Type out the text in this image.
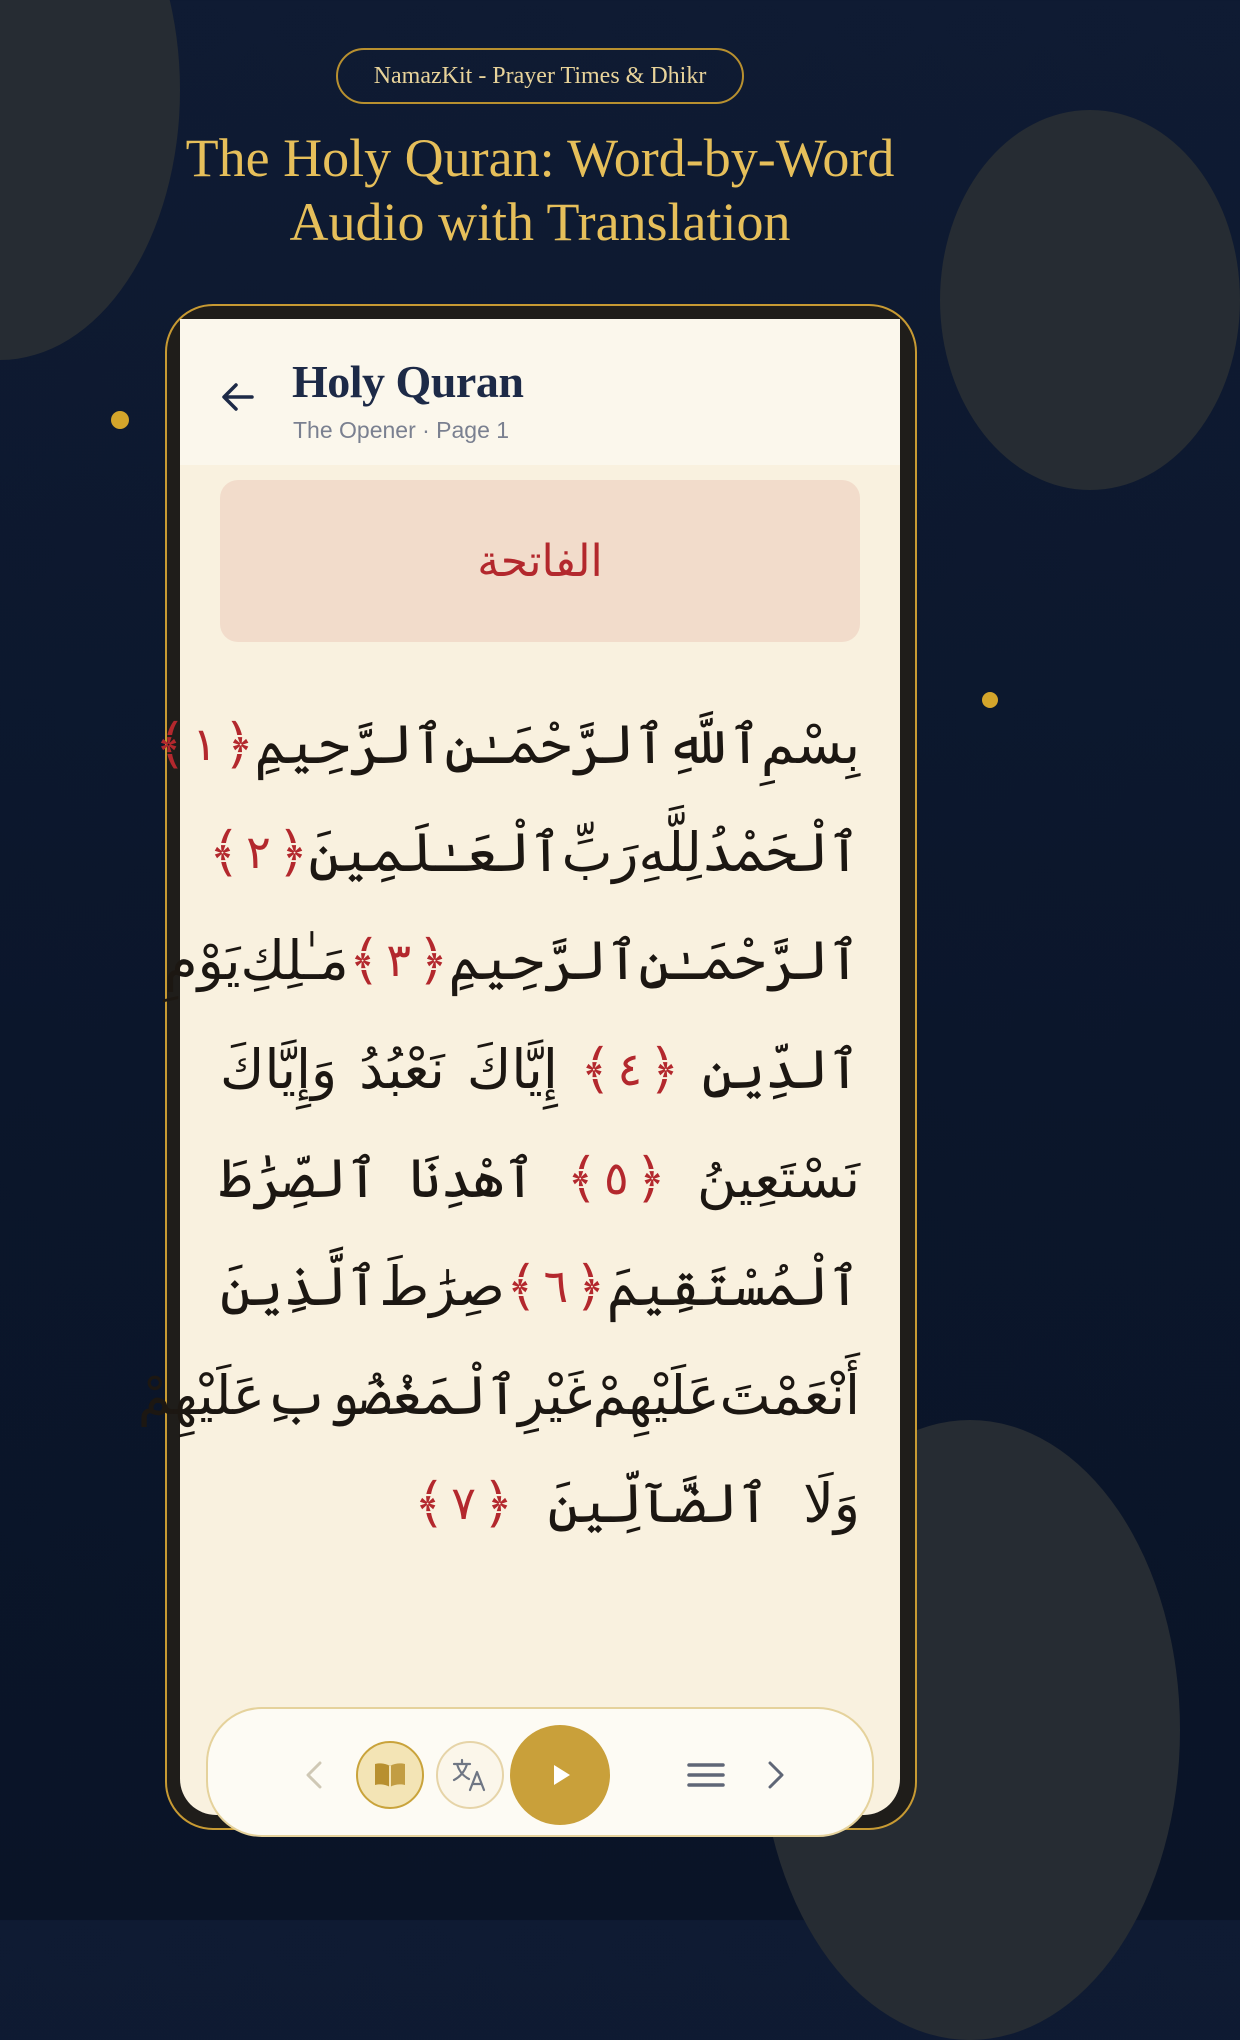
NamazKit - Prayer Times & Dhikr
The Holy Quran: Word-by-Word
Audio with Translation
Holy Quran
The Opener · Page 1
الفاتحة
بِسْمِ
ٱللَّهِ
ٱلرَّحْمَـٰنِ
ٱلرَّحِيمِ
﴿
١
﴾
ٱلْحَمْدُ
لِلَّهِ
رَبِّ
ٱلْعَـٰلَمِينَ
﴿
٢
﴾
ٱلرَّحْمَـٰنِ
ٱلرَّحِيمِ
﴿
٣
﴾
مَـٰلِكِ
يَوْمِ
ٱلدِّينِ
﴿
٤
﴾
إِيَّاكَ
نَعْبُدُ
وَإِيَّاكَ
نَسْتَعِينُ
﴿
٥
﴾
ٱهْدِنَا
ٱلصِّرَٰطَ
ٱلْمُسْتَقِيمَ
﴿
٦
﴾
صِرَٰطَ
ٱلَّذِينَ
أَنْعَمْتَ
عَلَيْهِمْ
غَيْرِ
ٱلْمَغْضُوبِ
عَلَيْهِمْ
وَلَا
ٱلضَّآلِّينَ
﴿
٧
﴾
